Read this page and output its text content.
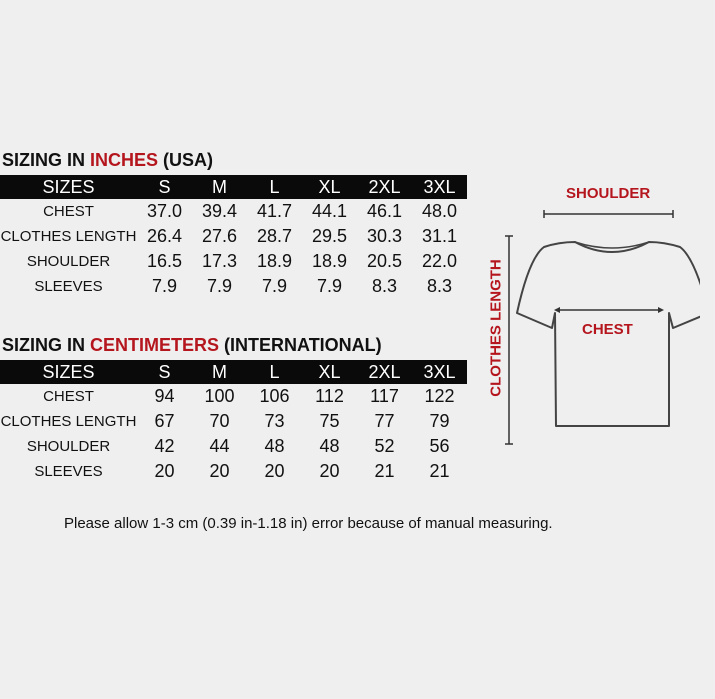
SIZING IN INCHES (USA)
SIZES	S	M	L	XL	2XL	3XL
CHEST	37.0	39.4	41.7	44.1	46.1	48.0
CLOTHES LENGTH	26.4	27.6	28.7	29.5	30.3	31.1
SHOULDER	16.5	17.3	18.9	18.9	20.5	22.0
SLEEVES	7.9	7.9	7.9	7.9	8.3	8.3
SIZING IN CENTIMETERS (INTERNATIONAL)
SIZES	S	M	L	XL	2XL	3XL
CHEST	94	100	106	112	117	122
CLOTHES LENGTH	67	70	73	75	77	79
SHOULDER	42	44	48	48	52	56
SLEEVES	20	20	20	20	21	21
SHOULDER
CHEST
CLOTHES LENGTH
Please allow 1-3 cm (0.39 in-1.18 in) error because of manual measuring.
